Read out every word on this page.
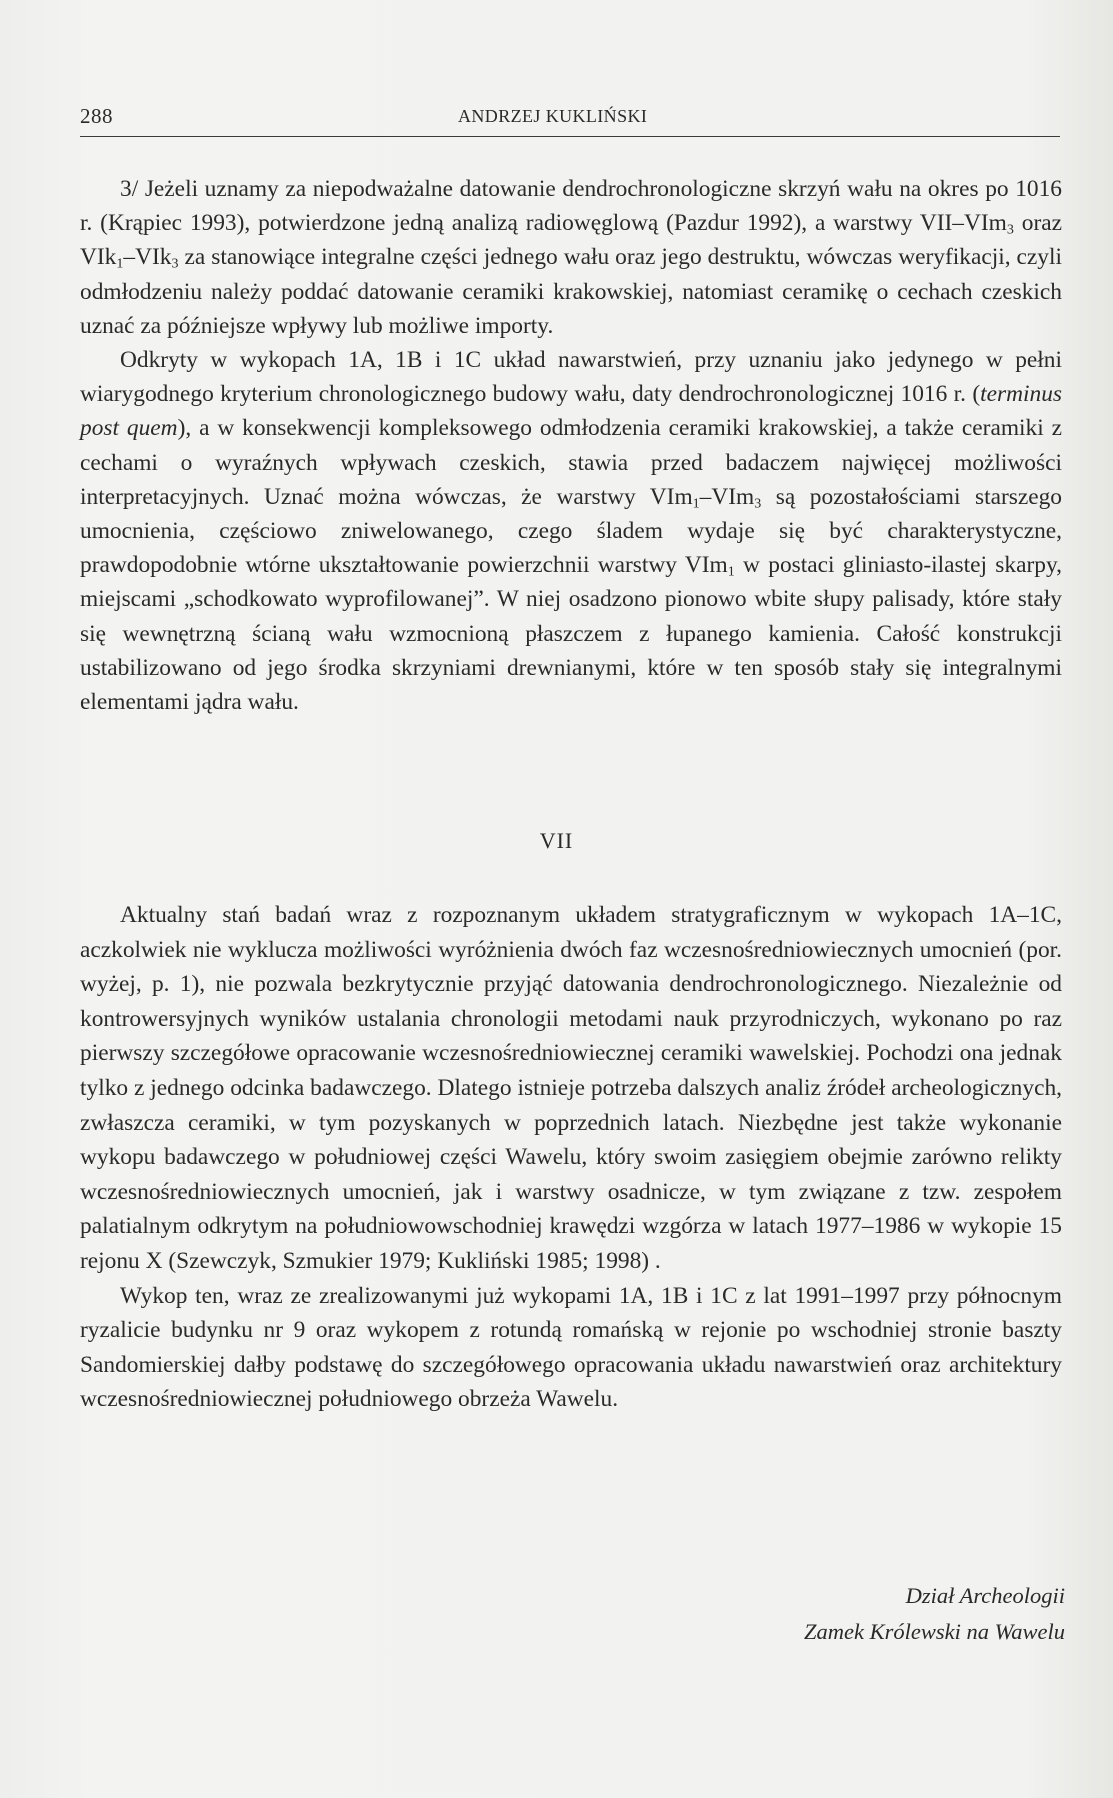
288	ANDRZEJ KUKLIŃSKI

3/ Jeżeli uznamy za niepodważalne datowanie dendrochronologiczne skrzyń wału na okres po 1016 r. (Krąpiec 1993), potwierdzone jedną analizą radiowęglową (Pazdur 1992), a warstwy VII–VIm$_3$ oraz VIk$_1$–VIk$_3$ za stanowiące integralne części jednego wału oraz jego destruktu, wówczas weryfikacji, czyli odmłodzeniu należy poddać datowanie ceramiki krakowskiej, natomiast ceramikę o cechach czeskich uznać za późniejsze wpływy lub możliwe importy.

Odkryty w wykopach 1A, 1B i 1C układ nawarstwień, przy uznaniu jako jedynego w pełni wiarygodnego kryterium chronologicznego budowy wału, daty dendrochronologicznej 1016 r. (terminus post quem), a w konsekwencji kompleksowego odmłodzenia ceramiki krakowskiej, a także ceramiki z cechami o wyraźnych wpływach czeskich, stawia przed badaczem najwięcej możliwości interpretacyjnych. Uznać można wówczas, że warstwy VIm$_1$–VIm$_3$ są pozostałościami starszego umocnienia, częściowo zniwelowanego, czego śladem wydaje się być charakterystyczne, prawdopodobnie wtórne ukształtowanie powierzchnii warstwy VIm$_1$ w postaci gliniasto-ilastej skarpy, miejscami „schodkowato wyprofilowanej”. W niej osadzono pionowo wbite słupy palisady, które stały się wewnętrzną ścianą wału wzmocnioną płaszczem z łupanego kamienia. Całość konstrukcji ustabilizowano od jego środka skrzyniami drewnianymi, które w ten sposób stały się integralnymi elementami jądra wału.

VII

Aktualny stań badań wraz z rozpoznanym układem stratygraficznym w wykopach 1A–1C, aczkolwiek nie wyklucza możliwości wyróżnienia dwóch faz wczesnośredniowiecznych umocnień (por. wyżej, p. 1), nie pozwala bezkrytycznie przyjąć datowania dendrochronologicznego. Niezależnie od kontrowersyjnych wyników ustalania chronologii metodami nauk przyrodniczych, wykonano po raz pierwszy szczegółowe opracowanie wczesnośredniowiecznej ceramiki wawelskiej. Pochodzi ona jednak tylko z jednego odcinka badawczego. Dlatego istnieje potrzeba dalszych analiz źródeł archeologicznych, zwłaszcza ceramiki, w tym pozyskanych w poprzednich latach. Niezbędne jest także wykonanie wykopu badawczego w południowej części Wawelu, który swoim zasięgiem obejmie zarówno relikty wczesnośredniowiecznych umocnień, jak i warstwy osadnicze, w tym związane z tzw. zespołem palatialnym odkrytym na południowowschodniej krawędzi wzgórza w latach 1977–1986 w wykopie 15 rejonu X (Szewczyk, Szmukier 1979; Kukliński 1985; 1998) .

Wykop ten, wraz ze zrealizowanymi już wykopami 1A, 1B i 1C z lat 1991–1997 przy północnym ryzalicie budynku nr 9 oraz wykopem z rotundą romańską w rejonie po wschodniej stronie baszty Sandomierskiej dałby podstawę do szczegółowego opracowania układu nawarstwień oraz architektury wczesnośredniowiecznej południowego obrzeża Wawelu.

Dział Archeologii
Zamek Królewski na Wawelu
